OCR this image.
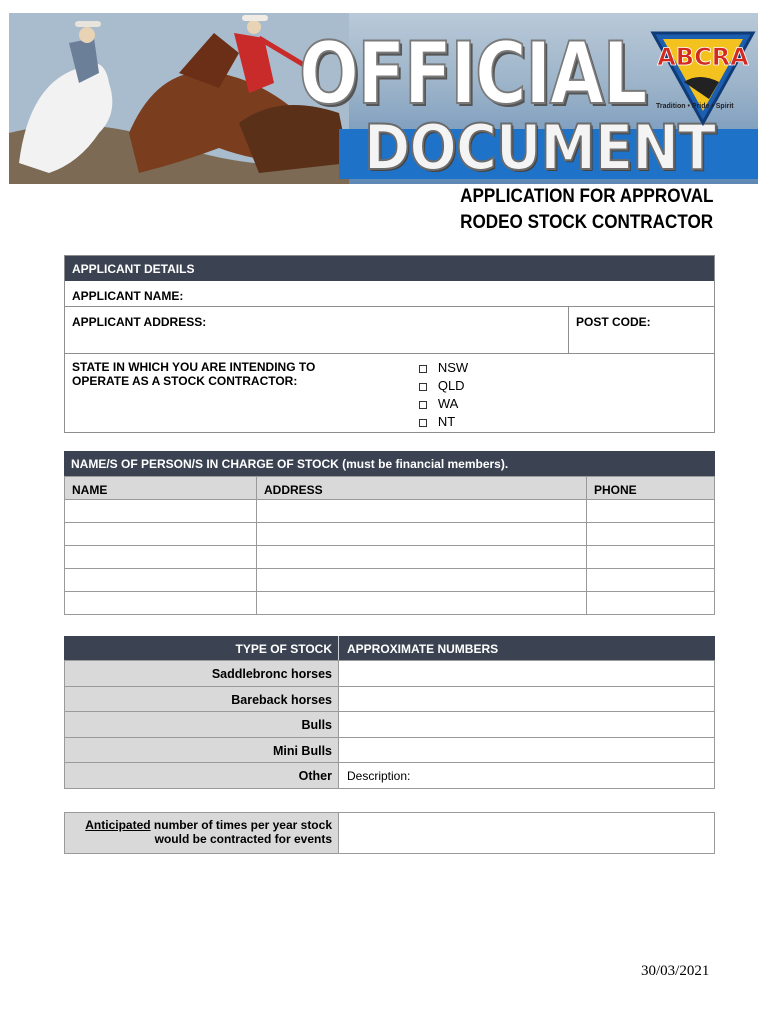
OFFICIAL
DOCUMENT
ABCRA
Tradition • Pride • Spirit
APPLICATION FOR APPROVAL
RODEO STOCK CONTRACTOR
APPLICANT DETAILS
APPLICANT NAME:
APPLICANT ADDRESS:	POST CODE:
STATE IN WHICH YOU ARE INTENDING TO
OPERATE AS A STOCK CONTRACTOR:
NSW
QLD
WA
NT
NAME/S OF PERSON/S IN CHARGE OF STOCK (must be financial members).
NAME	ADDRESS	PHONE
TYPE OF STOCK	APPROXIMATE NUMBERS
Saddlebronc horses
Bareback horses
Bulls
Mini Bulls
Other	Description:
Anticipated number of times per year stock
would be contracted for events
30/03/2021
